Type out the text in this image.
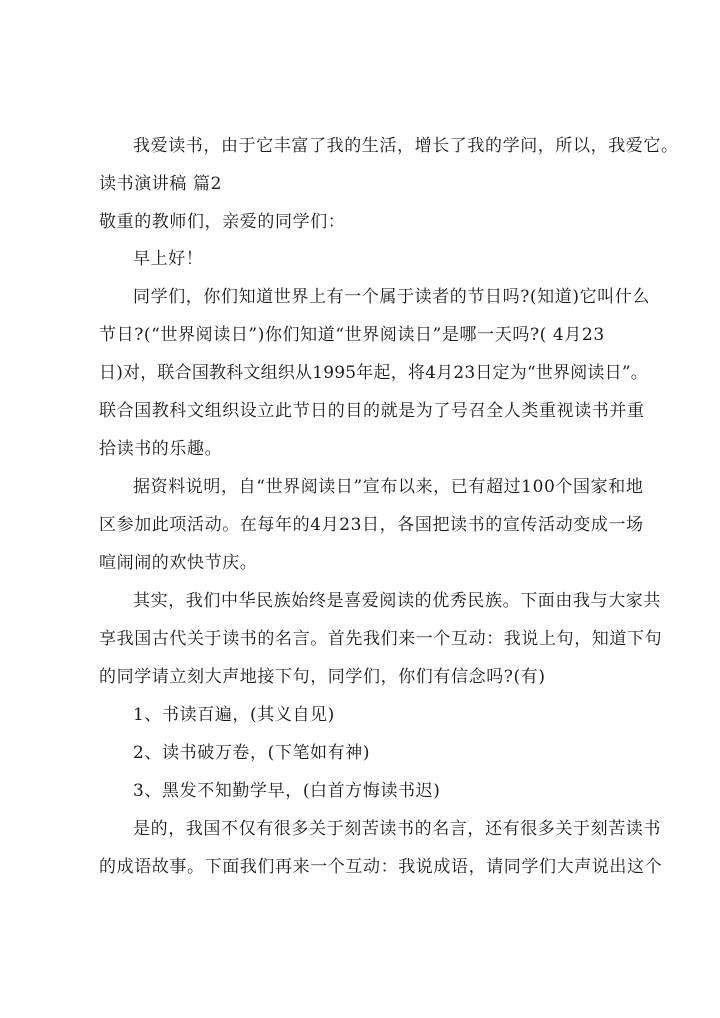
我爱读书，由于它丰富了我的生活，增长了我的学问，所以，我爱它。
读书演讲稿 篇2
敬重的教师们，亲爱的同学们：
早上好！
同学们，你们知道世界上有一个属于读者的节日吗?(知道)它叫什么
节日?(“世界阅读日”)你们知道“世界阅读日”是哪一天吗?( 4月23
日)对，联合国教科文组织从1995年起，将4月23日定为“世界阅读日”。
联合国教科文组织设立此节日的目的就是为了号召全人类重视读书并重
拾读书的乐趣。
据资料说明，自“世界阅读日”宣布以来，已有超过100个国家和地
区参加此项活动。在每年的4月23日，各国把读书的宣传活动变成一场
喧闹闹的欢快节庆。
其实，我们中华民族始终是喜爱阅读的优秀民族。下面由我与大家共
享我国古代关于读书的名言。首先我们来一个互动：我说上句，知道下句
的同学请立刻大声地接下句，同学们，你们有信念吗?(有)
1、书读百遍，(其义自见)
2、读书破万卷，(下笔如有神)
3、黑发不知勤学早，(白首方悔读书迟)
是的，我国不仅有很多关于刻苦读书的名言，还有很多关于刻苦读书
的成语故事。下面我们再来一个互动：我说成语，请同学们大声说出这个
